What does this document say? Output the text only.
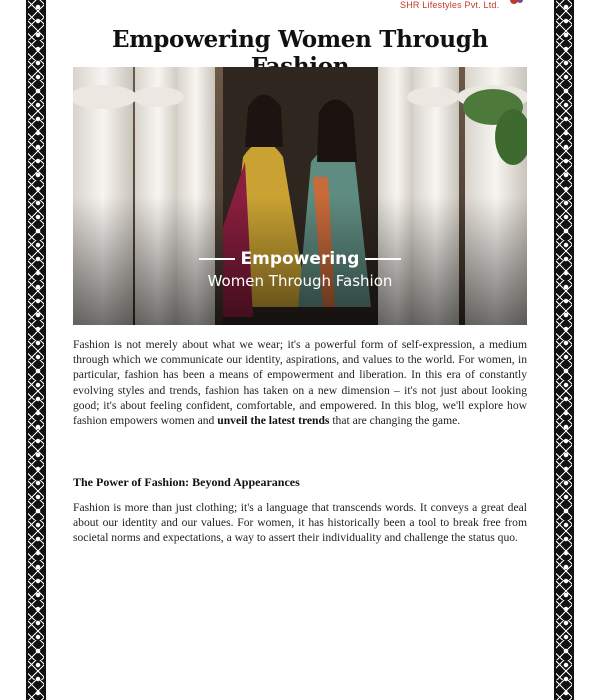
SHR Lifestyles Pvt. Ltd.
Empowering Women Through
Empowering
Women Through Fashion

Fashion is not merely about what we wear; it's a powerful form of self-expression, a medium through which we communicate our identity, aspirations, and values to the world. For women, in particular, fashion has been a means of empowerment and liberation. In this era of constantly evolving styles and trends, fashion has taken on a new dimension – it's not just about looking good; it's about feeling confident, comfortable, and empowered. In this blog, we'll explore how fashion empowers women and unveil the latest trends that are changing the game.

The Power of Fashion: Beyond Appearances

Fashion is more than just clothing; it's a language that transcends words. It conveys a great deal about our identity and our values. For women, it has historically been a tool to break free from societal norms and expectations, a way to assert their individuality and challenge the status quo.
